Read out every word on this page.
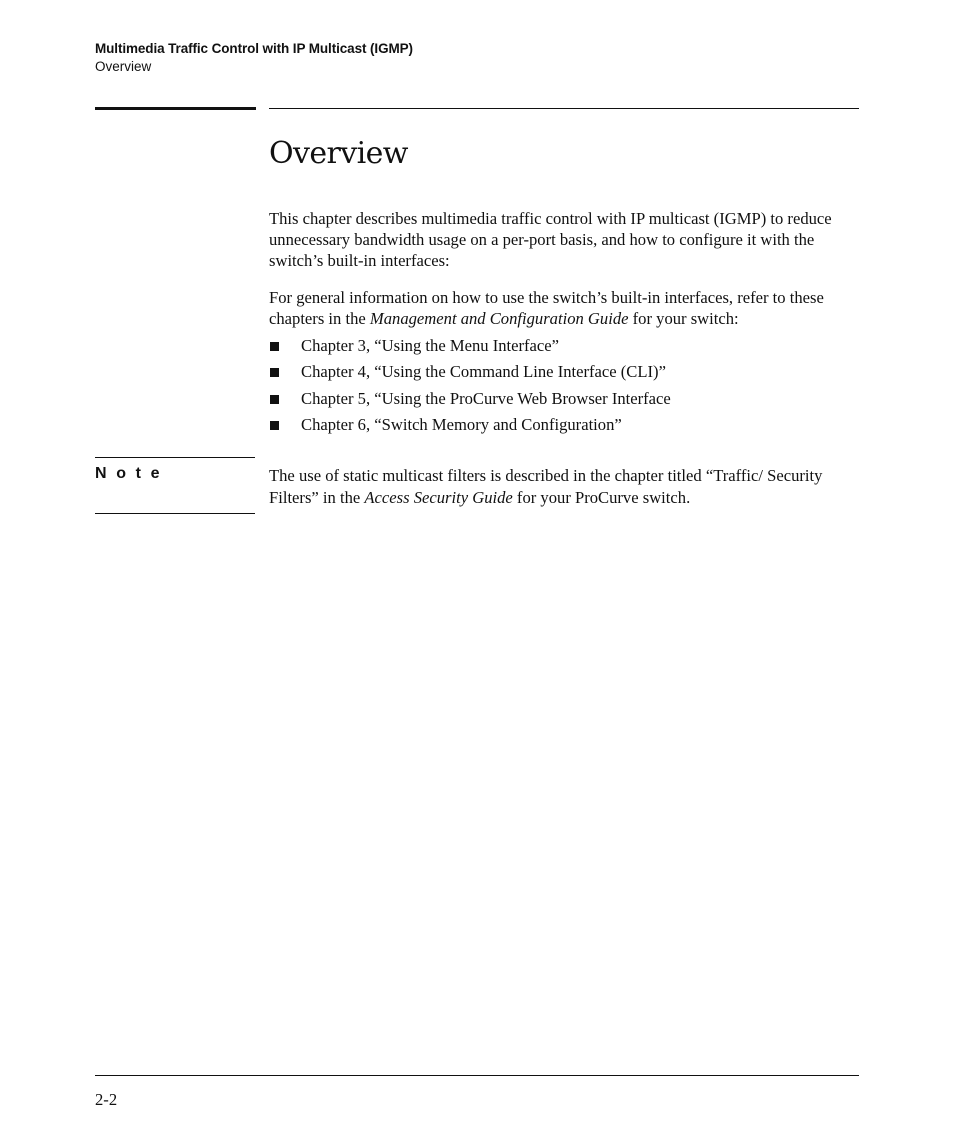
Multimedia Traffic Control with IP Multicast (IGMP)
Overview
Overview

This chapter describes multimedia traffic control with IP multicast (IGMP) to reduce unnecessary bandwidth usage on a per-port basis, and how to configure it with the switch’s built-in interfaces:

For general information on how to use the switch’s built-in interfaces, refer to these chapters in the Management and Configuration Guide for your switch:

Chapter 3, “Using the Menu Interface”
Chapter 4, “Using the Command Line Interface (CLI)”
Chapter 5, “Using the ProCurve Web Browser Interface
Chapter 6, “Switch Memory and Configuration”
N o t e	The use of static multicast filters is described in the chapter titled “Traffic/ Security Filters” in the Access Security Guide for your ProCurve switch.

2-2
